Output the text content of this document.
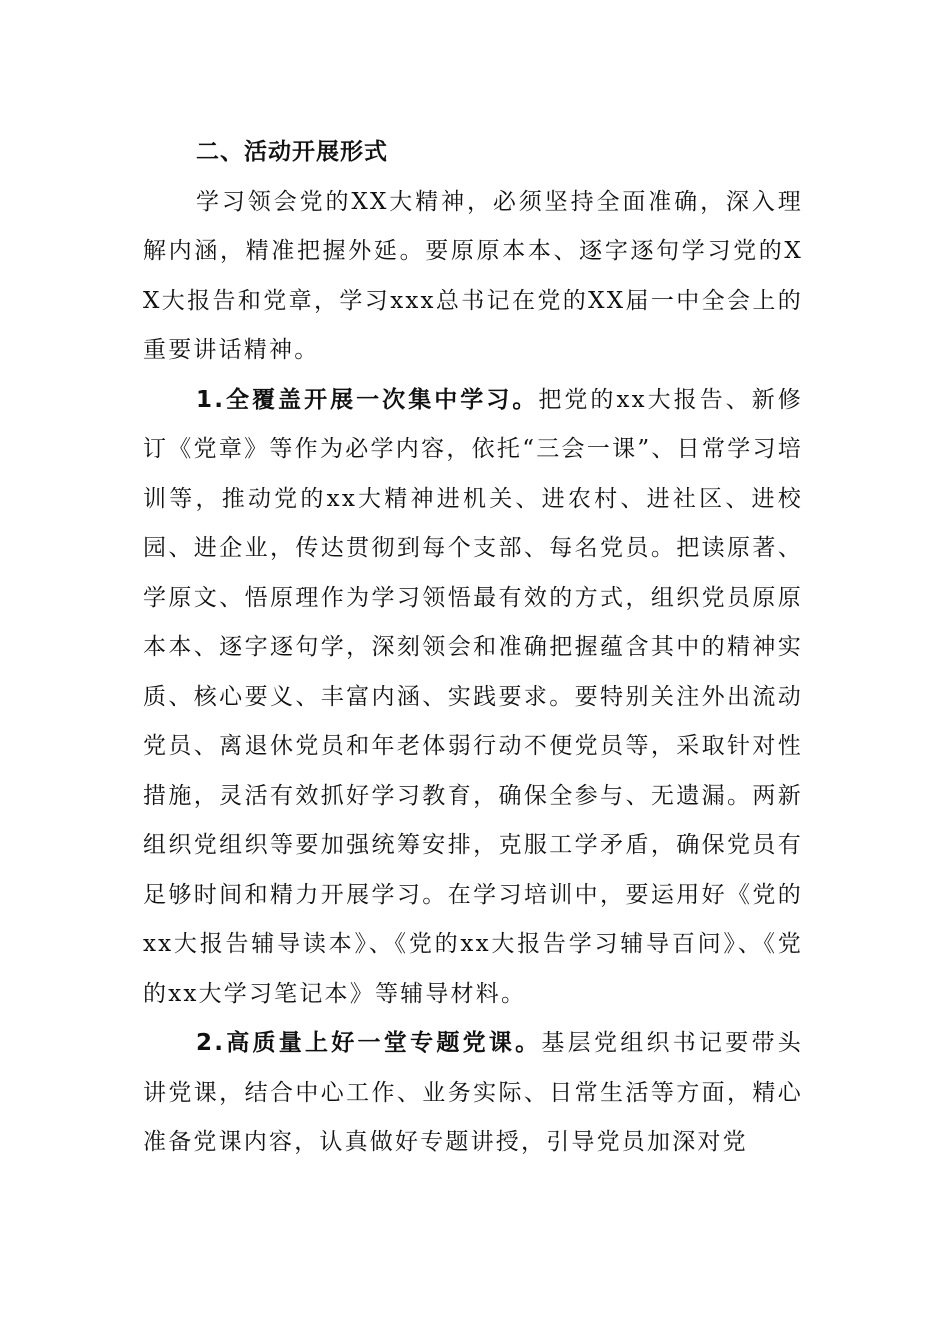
二、活动开展形式

学习领会党的XX大精神，必须坚持全面准确，深入理解内涵，精准把握外延。要原原本本、逐字逐句学习党的XX大报告和党章，学习xxx总书记在党的XX届一中全会上的重要讲话精神。

1.全覆盖开展一次集中学习。把党的xx大报告、新修订《党章》等作为必学内容，依托“三会一课”、日常学习培训等，推动党的xx大精神进机关、进农村、进社区、进校园、进企业，传达贯彻到每个支部、每名党员。把读原著、学原文、悟原理作为学习领悟最有效的方式，组织党员原原本本、逐字逐句学，深刻领会和准确把握蕴含其中的精神实质、核心要义、丰富内涵、实践要求。要特别关注外出流动党员、离退休党员和年老体弱行动不便党员等，采取针对性措施，灵活有效抓好学习教育，确保全参与、无遗漏。两新组织党组织等要加强统筹安排，克服工学矛盾，确保党员有足够时间和精力开展学习。在学习培训中，要运用好《党的xx大报告辅导读本》、《党的xx大报告学习辅导百问》、《党的xx大学习笔记本》等辅导材料。

2.高质量上好一堂专题党课。基层党组织书记要带头讲党课，结合中心工作、业务实际、日常生活等方面，精心准备党课内容，认真做好专题讲授，引导党员加深对党
